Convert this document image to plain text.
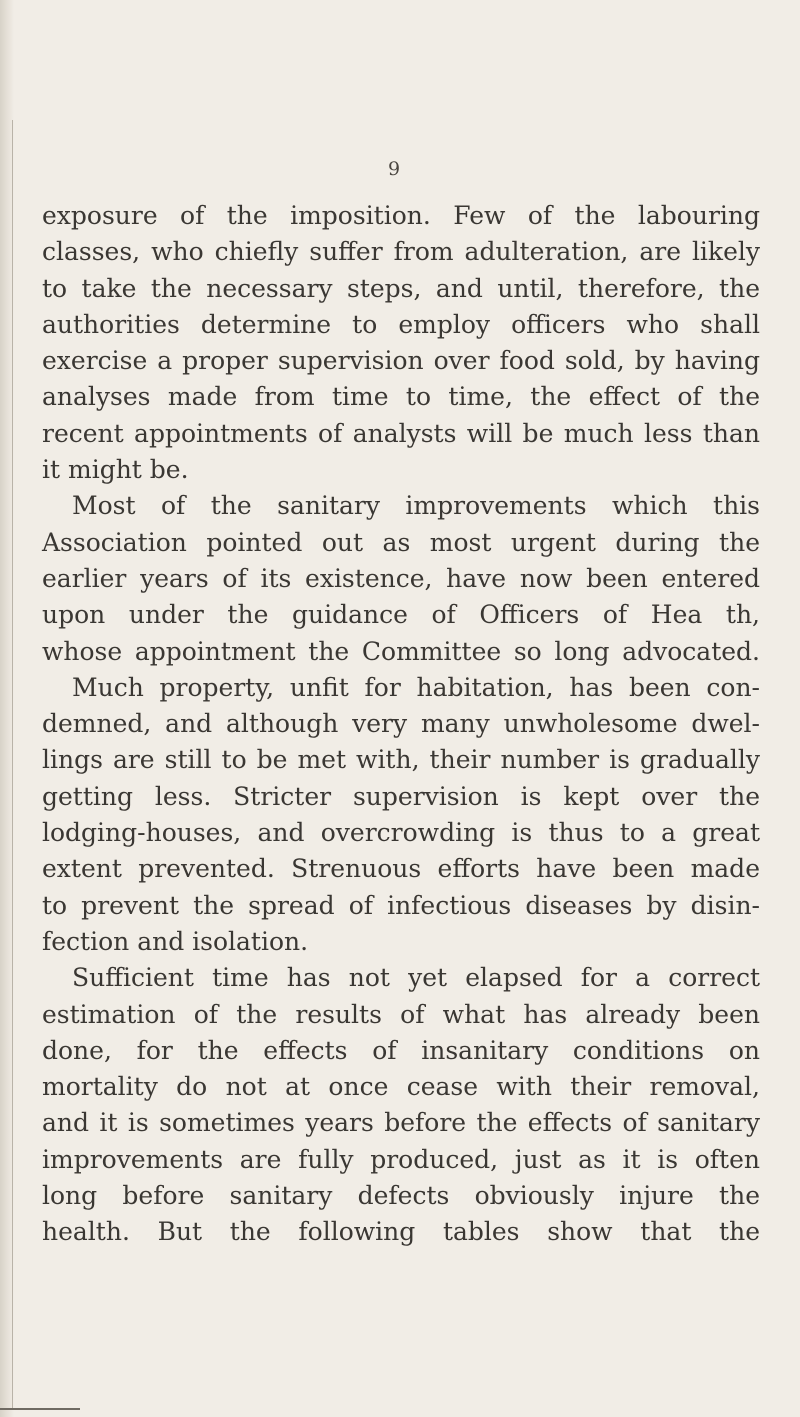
9
exposure of the imposition. Few of the labouring
classes, who chiefly suffer from adulteration, are likely
to take the necessary steps, and until, therefore, the
authorities determine to employ officers who shall
exercise a proper supervision over food sold, by having
analyses made from time to time, the effect of the
recent appointments of analysts will be much less than
it might be.
Most of the sanitary improvements which this
Association pointed out as most urgent during the
earlier years of its existence, have now been entered
upon under the guidance of Officers of Hea th,
whose appointment the Committee so long advocated.
Much property, unfit for habitation, has been con-
demned, and although very many unwholesome dwel-
lings are still to be met with, their number is gradually
getting less. Stricter supervision is kept over the
lodging-houses, and overcrowding is thus to a great
extent prevented. Strenuous efforts have been made
to prevent the spread of infectious diseases by disin-
fection and isolation.
Sufficient time has not yet elapsed for a correct
estimation of the results of what has already been
done, for the effects of insanitary conditions on
mortality do not at once cease with their removal,
and it is sometimes years before the effects of sanitary
improvements are fully produced, just as it is often
long before sanitary defects obviously injure the
health. But the following tables show that the
